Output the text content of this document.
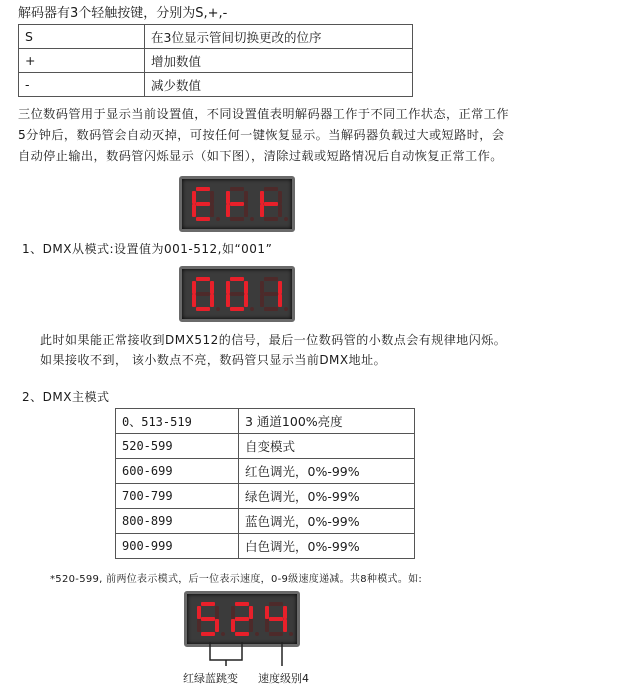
解码器有3个轻触按键，分别为S,+,-
S	在3位显示管间切换更改的位序
+	增加数值
-	减少数值
三位数码管用于显示当前设置值，不同设置值表明解码器工作于不同工作状态，正常工作
5分钟后，数码管会自动灭掉，可按任何一键恢复显示。当解码器负载过大或短路时，会
自动停止输出，数码管闪烁显示（如下图），清除过载或短路情况后自动恢复正常工作。
1、DMX从模式:设置值为001-512,如“001”
此时如果能正常接收到DMX512的信号，最后一位数码管的小数点会有规律地闪烁。
如果接收不到， 该小数点不亮，数码管只显示当前DMX地址。
2、DMX主模式
0、513-519	3 通道100%亮度
520-599	自变模式
600-699	红色调光，0%-99%
700-799	绿色调光，0%-99%
800-899	蓝色调光，0%-99%
900-999	白色调光，0%-99%
*520-599, 前两位表示模式，后一位表示速度，0-9级速度递减。共8种模式。如:
红绿蓝跳变 速度级别4
